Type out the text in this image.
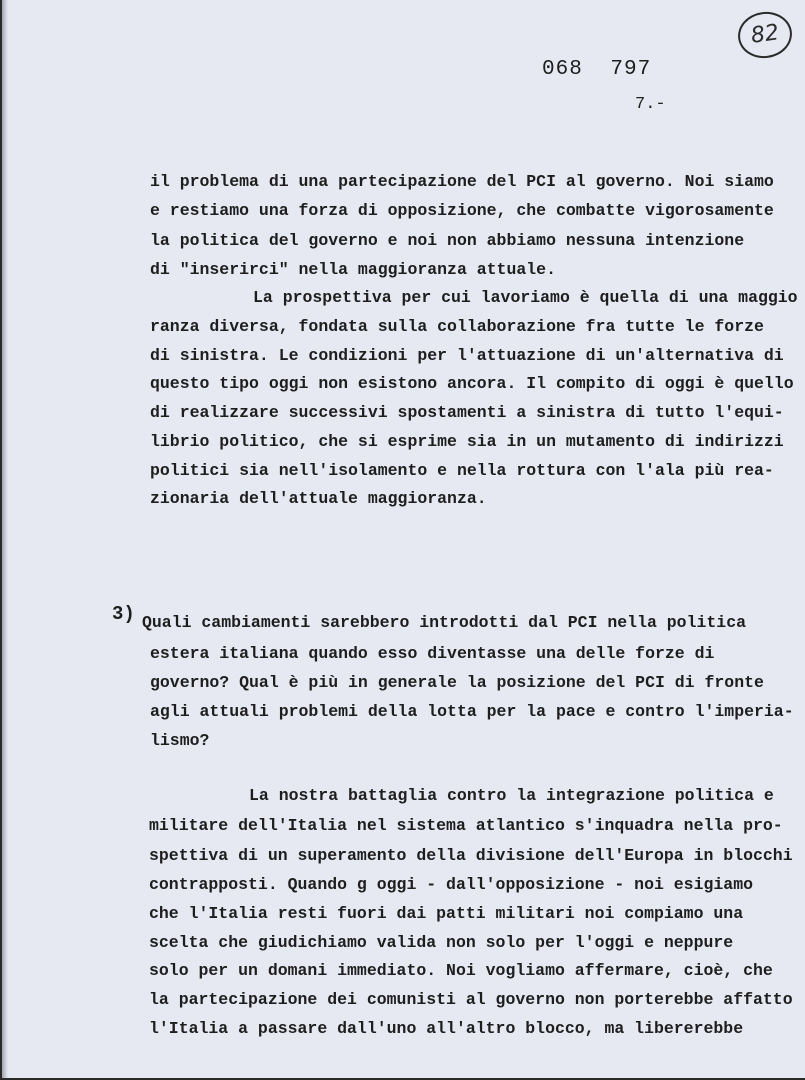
82
068 797
7.-
il problema di una partecipazione del PCI al governo. Noi siamo
e restiamo una forza di opposizione, che combatte vigorosamente
la politica del governo e noi non abbiamo nessuna intenzione
di "inserirci" nella maggioranza attuale.
La prospettiva per cui lavoriamo è quella di una maggio
ranza diversa, fondata sulla collaborazione fra tutte le forze
di sinistra. Le condizioni per l'attuazione di un'alternativa di
questo tipo oggi non esistono ancora. Il compito di oggi è quello
di realizzare successivi spostamenti a sinistra di tutto l'equi-
librio politico, che si esprime sia in un mutamento di indirizzi
politici sia nell'isolamento e nella rottura con l'ala più rea-
zionaria dell'attuale maggioranza.
3) Quali cambiamenti sarebbero introdotti dal PCI nella politica
estera italiana quando esso diventasse una delle forze di
governo? Qual è più in generale la posizione del PCI di fronte
agli attuali problemi della lotta per la pace e contro l'imperia-
lismo?
La nostra battaglia contro la integrazione politica e
militare dell'Italia nel sistema atlantico s'inquadra nella pro-
spettiva di un superamento della divisione dell'Europa in blocchi
contrapposti. Quando g oggi - dall'opposizione - noi esigiamo
che l'Italia resti fuori dai patti militari noi compiamo una
scelta che giudichiamo valida non solo per l'oggi e neppure
solo per un domani immediato. Noi vogliamo affermare, cioè, che
la partecipazione dei comunisti al governo non porterebbe affatto
l'Italia a passare dall'uno all'altro blocco, ma libererebbe
